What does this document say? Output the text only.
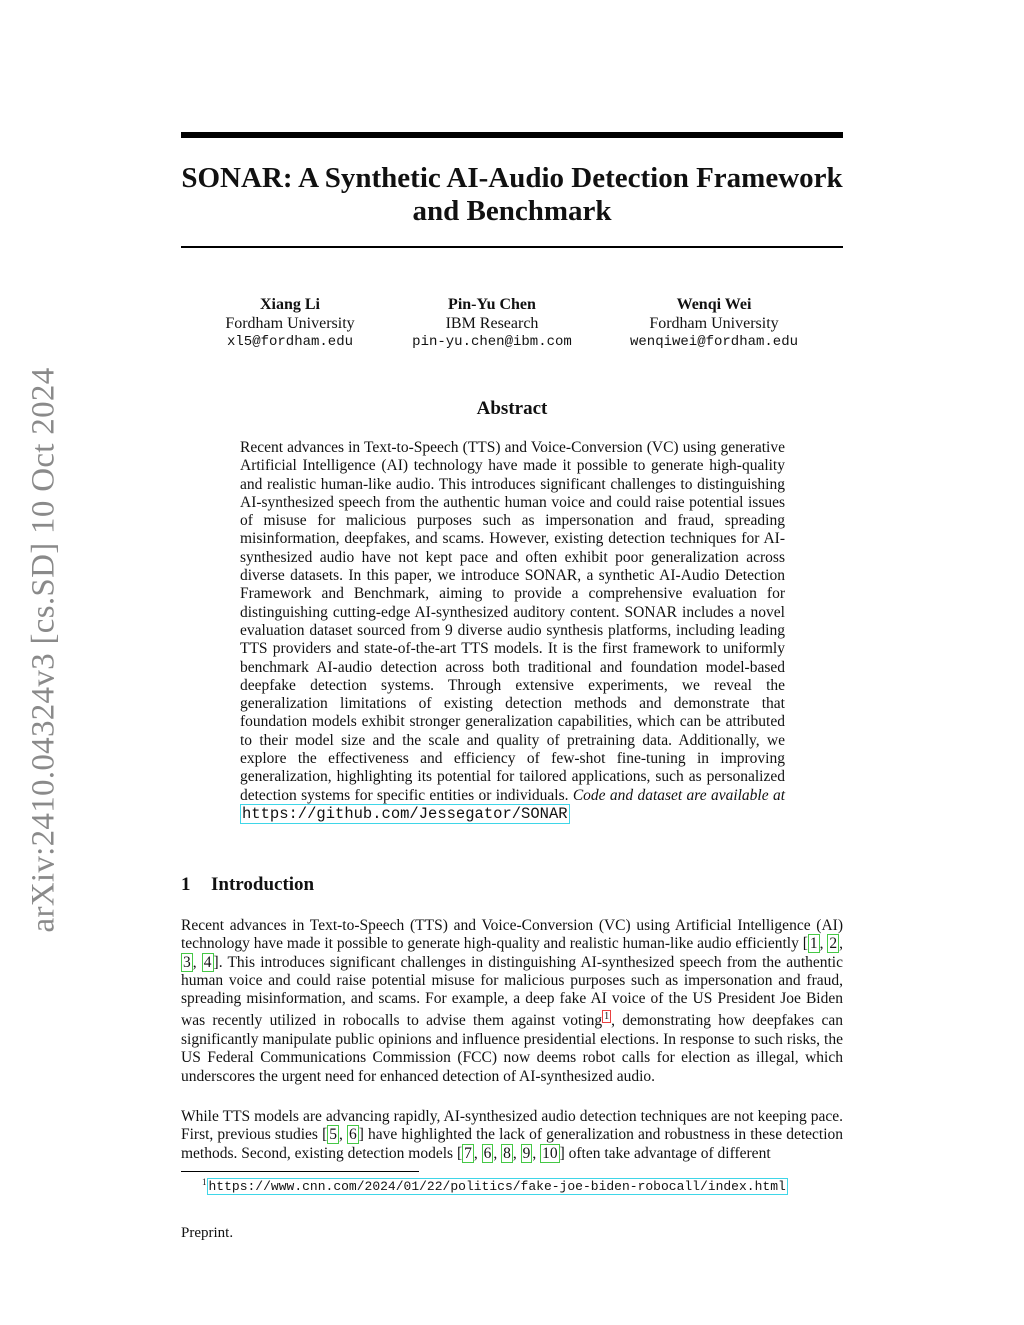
arXiv:2410.04324v3 [cs.SD] 10 Oct 2024
SONAR: A Synthetic AI-Audio Detection Framework and Benchmark
Xiang Li
Fordham University
xl5@fordham.edu
Pin-Yu Chen
IBM Research
pin-yu.chen@ibm.com
Wenqi Wei
Fordham University
wenqiwei@fordham.edu
Abstract
Recent advances in Text-to-Speech (TTS) and Voice-Conversion (VC) using generative Artificial Intelligence (AI) technology have made it possible to generate high-quality and realistic human-like audio. This introduces significant challenges to distinguishing AI-synthesized speech from the authentic human voice and could raise potential issues of misuse for malicious purposes such as impersonation and fraud, spreading misinformation, deepfakes, and scams. However, existing detection techniques for AI-synthesized audio have not kept pace and often exhibit poor generalization across diverse datasets. In this paper, we introduce SONAR, a synthetic AI-Audio Detection Framework and Benchmark, aiming to provide a comprehensive evaluation for distinguishing cutting-edge AI-synthesized auditory content. SONAR includes a novel evaluation dataset sourced from 9 diverse audio synthesis platforms, including leading TTS providers and state-of-the-art TTS models. It is the first framework to uniformly benchmark AI-audio detection across both traditional and foundation model-based deepfake detection systems. Through extensive experiments, we reveal the generalization limitations of existing detection methods and demonstrate that foundation models exhibit stronger generalization capabilities, which can be attributed to their model size and the scale and quality of pretraining data. Additionally, we explore the effectiveness and efficiency of few-shot fine-tuning in improving generalization, highlighting its potential for tailored applications, such as personalized detection systems for specific entities or individuals. Code and dataset are available at https://github.com/Jessegator/SONAR
1 Introduction
Recent advances in Text-to-Speech (TTS) and Voice-Conversion (VC) using Artificial Intelligence (AI) technology have made it possible to generate high-quality and realistic human-like audio efficiently [ 1 , 2 , 3 , 4 ]. This introduces significant challenges in distinguishing AI-synthesized speech from the authentic human voice and could raise potential misuse for malicious purposes such as impersonation and fraud, spreading misinformation, and scams. For example, a deep fake AI voice of the US President Joe Biden was recently utilized in robocalls to advise them against voting $^1$ , demonstrating how deepfakes can significantly manipulate public opinions and influence presidential elections. In response to such risks, the US Federal Communications Commission (FCC) now deems robot calls for election as illegal, which underscores the urgent need for enhanced detection of AI-synthesized audio.
While TTS models are advancing rapidly, AI-synthesized audio detection techniques are not keeping pace. First, previous studies [ 5 , 6 ] have highlighted the lack of generalization and robustness in these detection methods. Second, existing detection models [ 7 , 6 , 8 , 9 , 10 ] often take advantage of different
$^1$ https://www.cnn.com/2024/01/22/politics/fake-joe-biden-robocall/index.html
Preprint.
